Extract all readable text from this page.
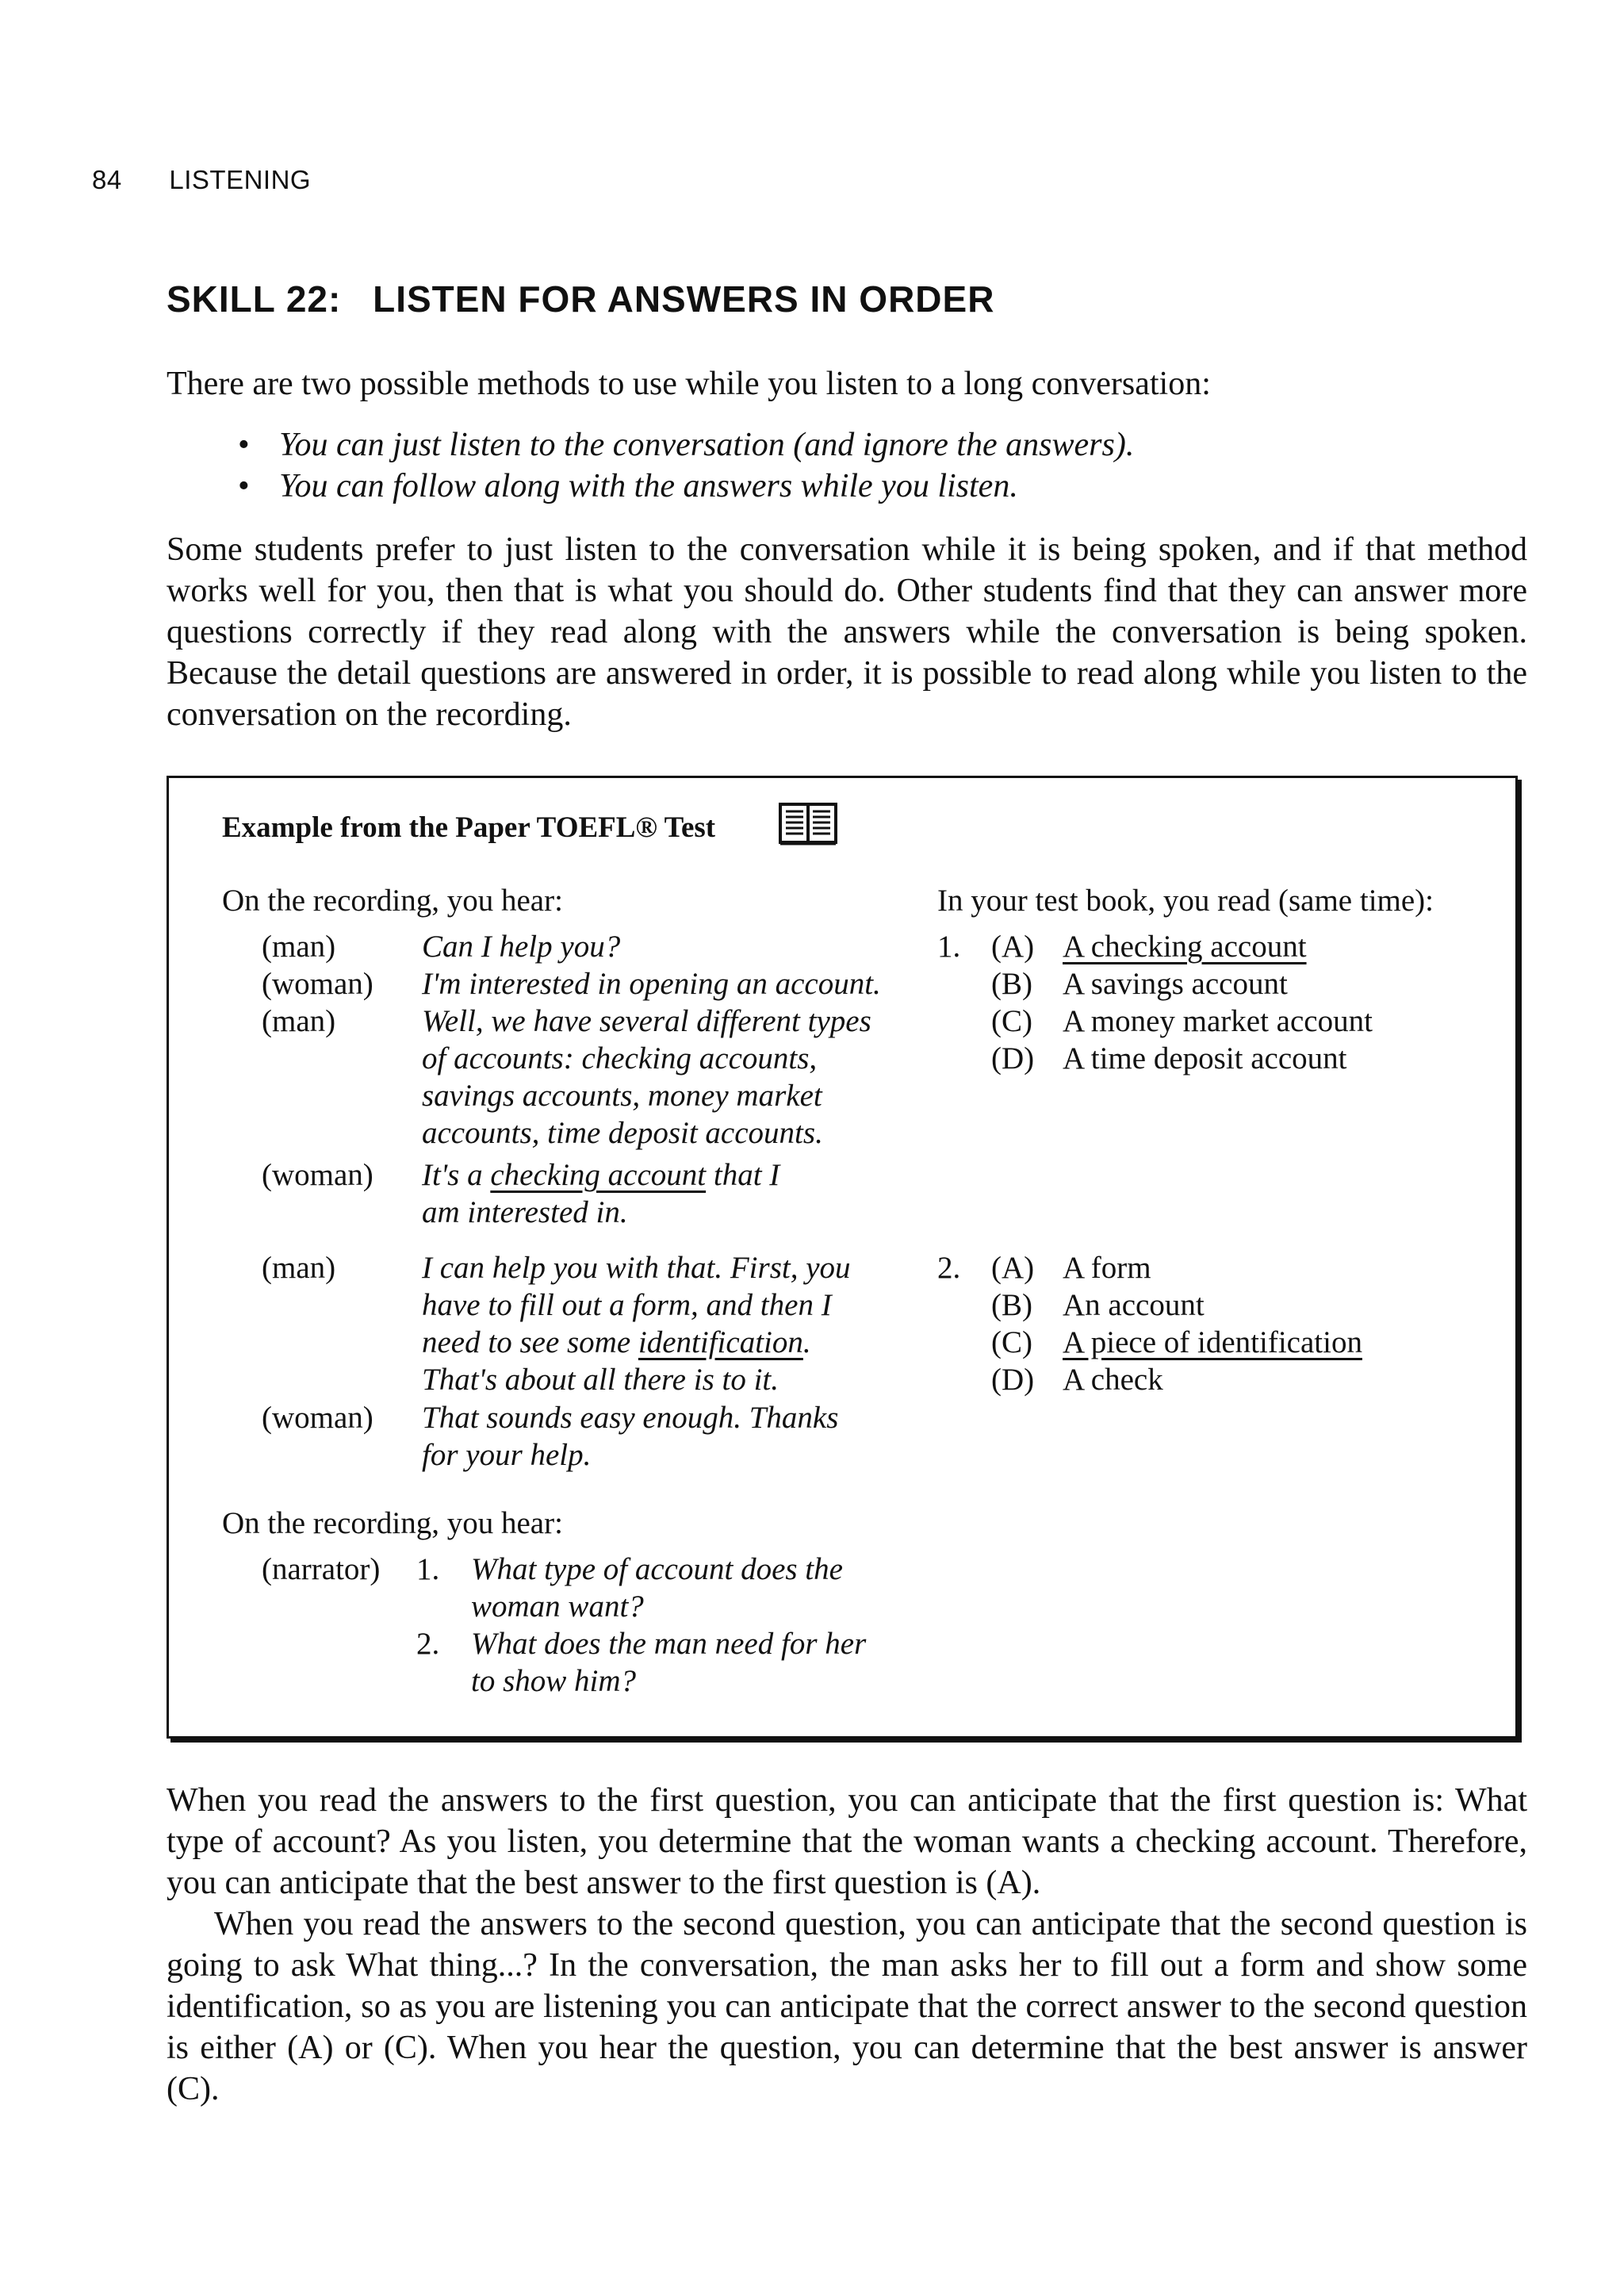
84 LISTENING
SKILL 22: LISTEN FOR ANSWERS IN ORDER
There are two possible methods to use while you listen to a long conversation:
• You can just listen to the conversation (and ignore the answers).
• You can follow along with the answers while you listen.
Some students prefer to just listen to the conversation while it is being spoken, and if that method works well for you, then that is what you should do. Other students find that they can answer more questions correctly if they read along with the answers while the conversation is being spoken. Because the detail questions are answered in order, it is possible to read along while you listen to the conversation on the recording.
Example from the Paper TOEFL® Test
On the recording, you hear:	In your test book, you read (same time):
(man)	Can I help you?
(woman) I'm interested in opening an account.
(man)	Well, we have several different types of accounts: checking accounts, savings accounts, money market accounts, time deposit accounts.
(woman) It's a checking account that I am interested in.
(man)	I can help you with that. First, you have to fill out a form, and then I need to see some identification. That's about all there is to it.
(woman) That sounds easy enough. Thanks for your help.
On the recording, you hear:
(narrator) 1. What type of account does the woman want?
2. What does the man need for her to show him?
1. (A) A checking account
(B) A savings account
(C) A money market account
(D) A time deposit account
2. (A) A form
(B) An account
(C) A piece of identification
(D) A check
When you read the answers to the first question, you can anticipate that the first question is: What type of account? As you listen, you determine that the woman wants a checking account. Therefore, you can anticipate that the best answer to the first question is (A).
When you read the answers to the second question, you can anticipate that the second question is going to ask What thing...? In the conversation, the man asks her to fill out a form and show some identification, so as you are listening you can anticipate that the correct answer to the second question is either (A) or (C). When you hear the question, you can determine that the best answer is answer (C).
